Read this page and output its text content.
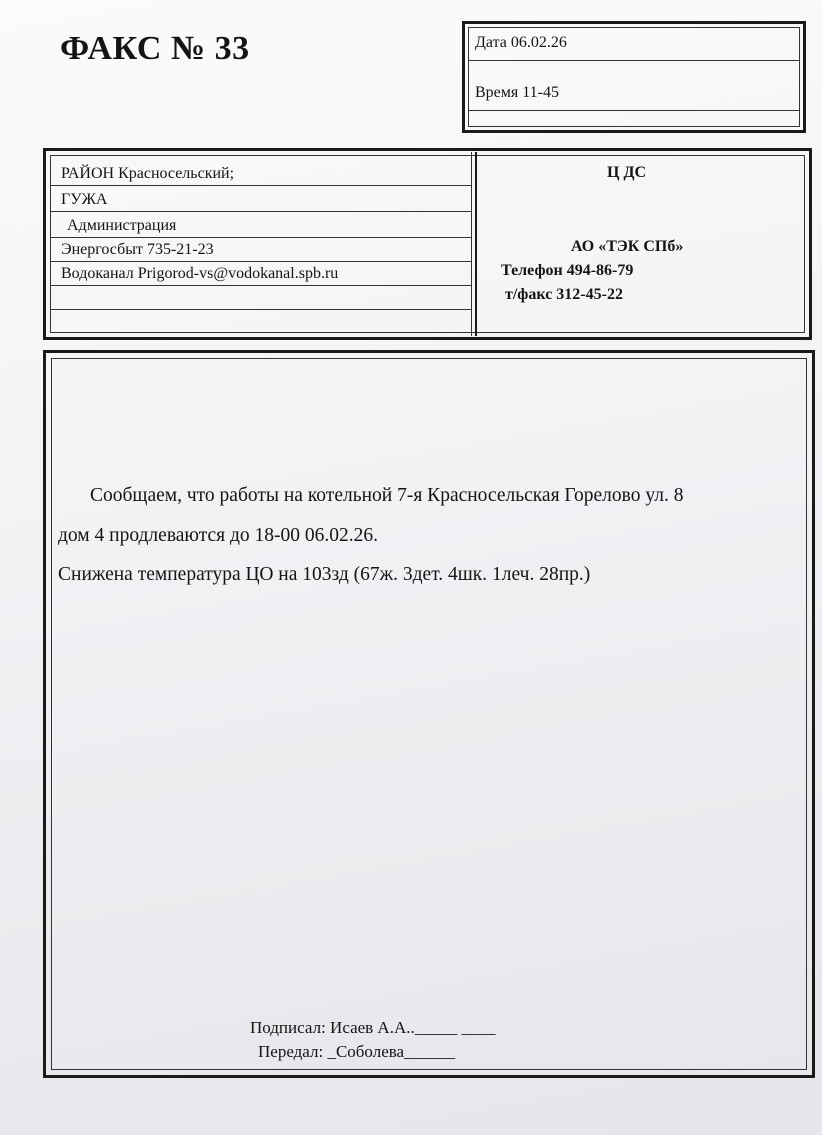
ФАКС № 33	Дата 06.02.26
Время 11-45
РАЙОН Красносельский;
ГУЖА
Администрация
Энергосбыт 735-21-23
Водоканал Prigorod-vs@vodokanal.spb.ru
Ц ДС
АО «ТЭК СПб»
Телефон 494-86-79
т/факс 312-45-22
Сообщаем, что работы на котельной 7-я Красносельская Горелово ул. 8
дом 4 продлеваются до 18-00 06.02.26.
Снижена температура ЦО на 103зд (67ж. 3дет. 4шк. 1леч. 28пр.)
Подписал: Исаев А.А.._____ ____
Передал: _Соболева______
